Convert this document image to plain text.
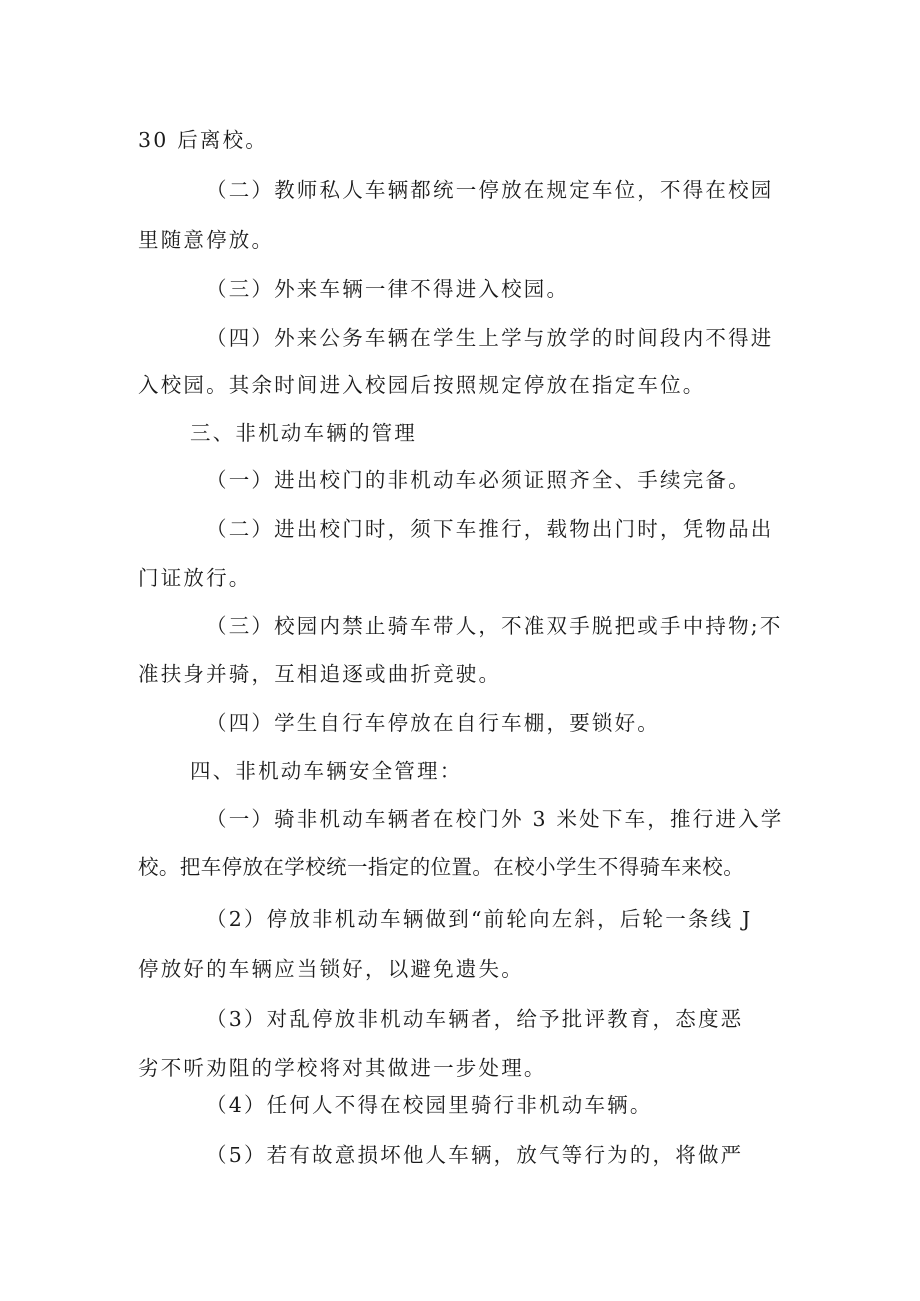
30 后离校。
（二）教师私人车辆都统一停放在规定车位，不得在校园
里随意停放。
（三）外来车辆一律不得进入校园。
（四）外来公务车辆在学生上学与放学的时间段内不得进
入校园。其余时间进入校园后按照规定停放在指定车位。
三、非机动车辆的管理
（一）进出校门的非机动车必须证照齐全、手续完备。
（二）进出校门时，须下车推行，载物出门时，凭物品出
门证放行。
（三）校园内禁止骑车带人，不准双手脱把或手中持物;不
准扶身并骑，互相追逐或曲折竞驶。
（四）学生自行车停放在自行车棚，要锁好。
四、非机动车辆安全管理：
（一）骑非机动车辆者在校门外 3 米处下车，推行进入学
校。把车停放在学校统一指定的位置。在校小学生不得骑车来校。
（2）停放非机动车辆做到“前轮向左斜，后轮一条线 J
停放好的车辆应当锁好，以避免遗失。
（3）对乱停放非机动车辆者，给予批评教育，态度恶
劣不听劝阻的学校将对其做进一步处理。
（4）任何人不得在校园里骑行非机动车辆。
（5）若有故意损坏他人车辆，放气等行为的，将做严
